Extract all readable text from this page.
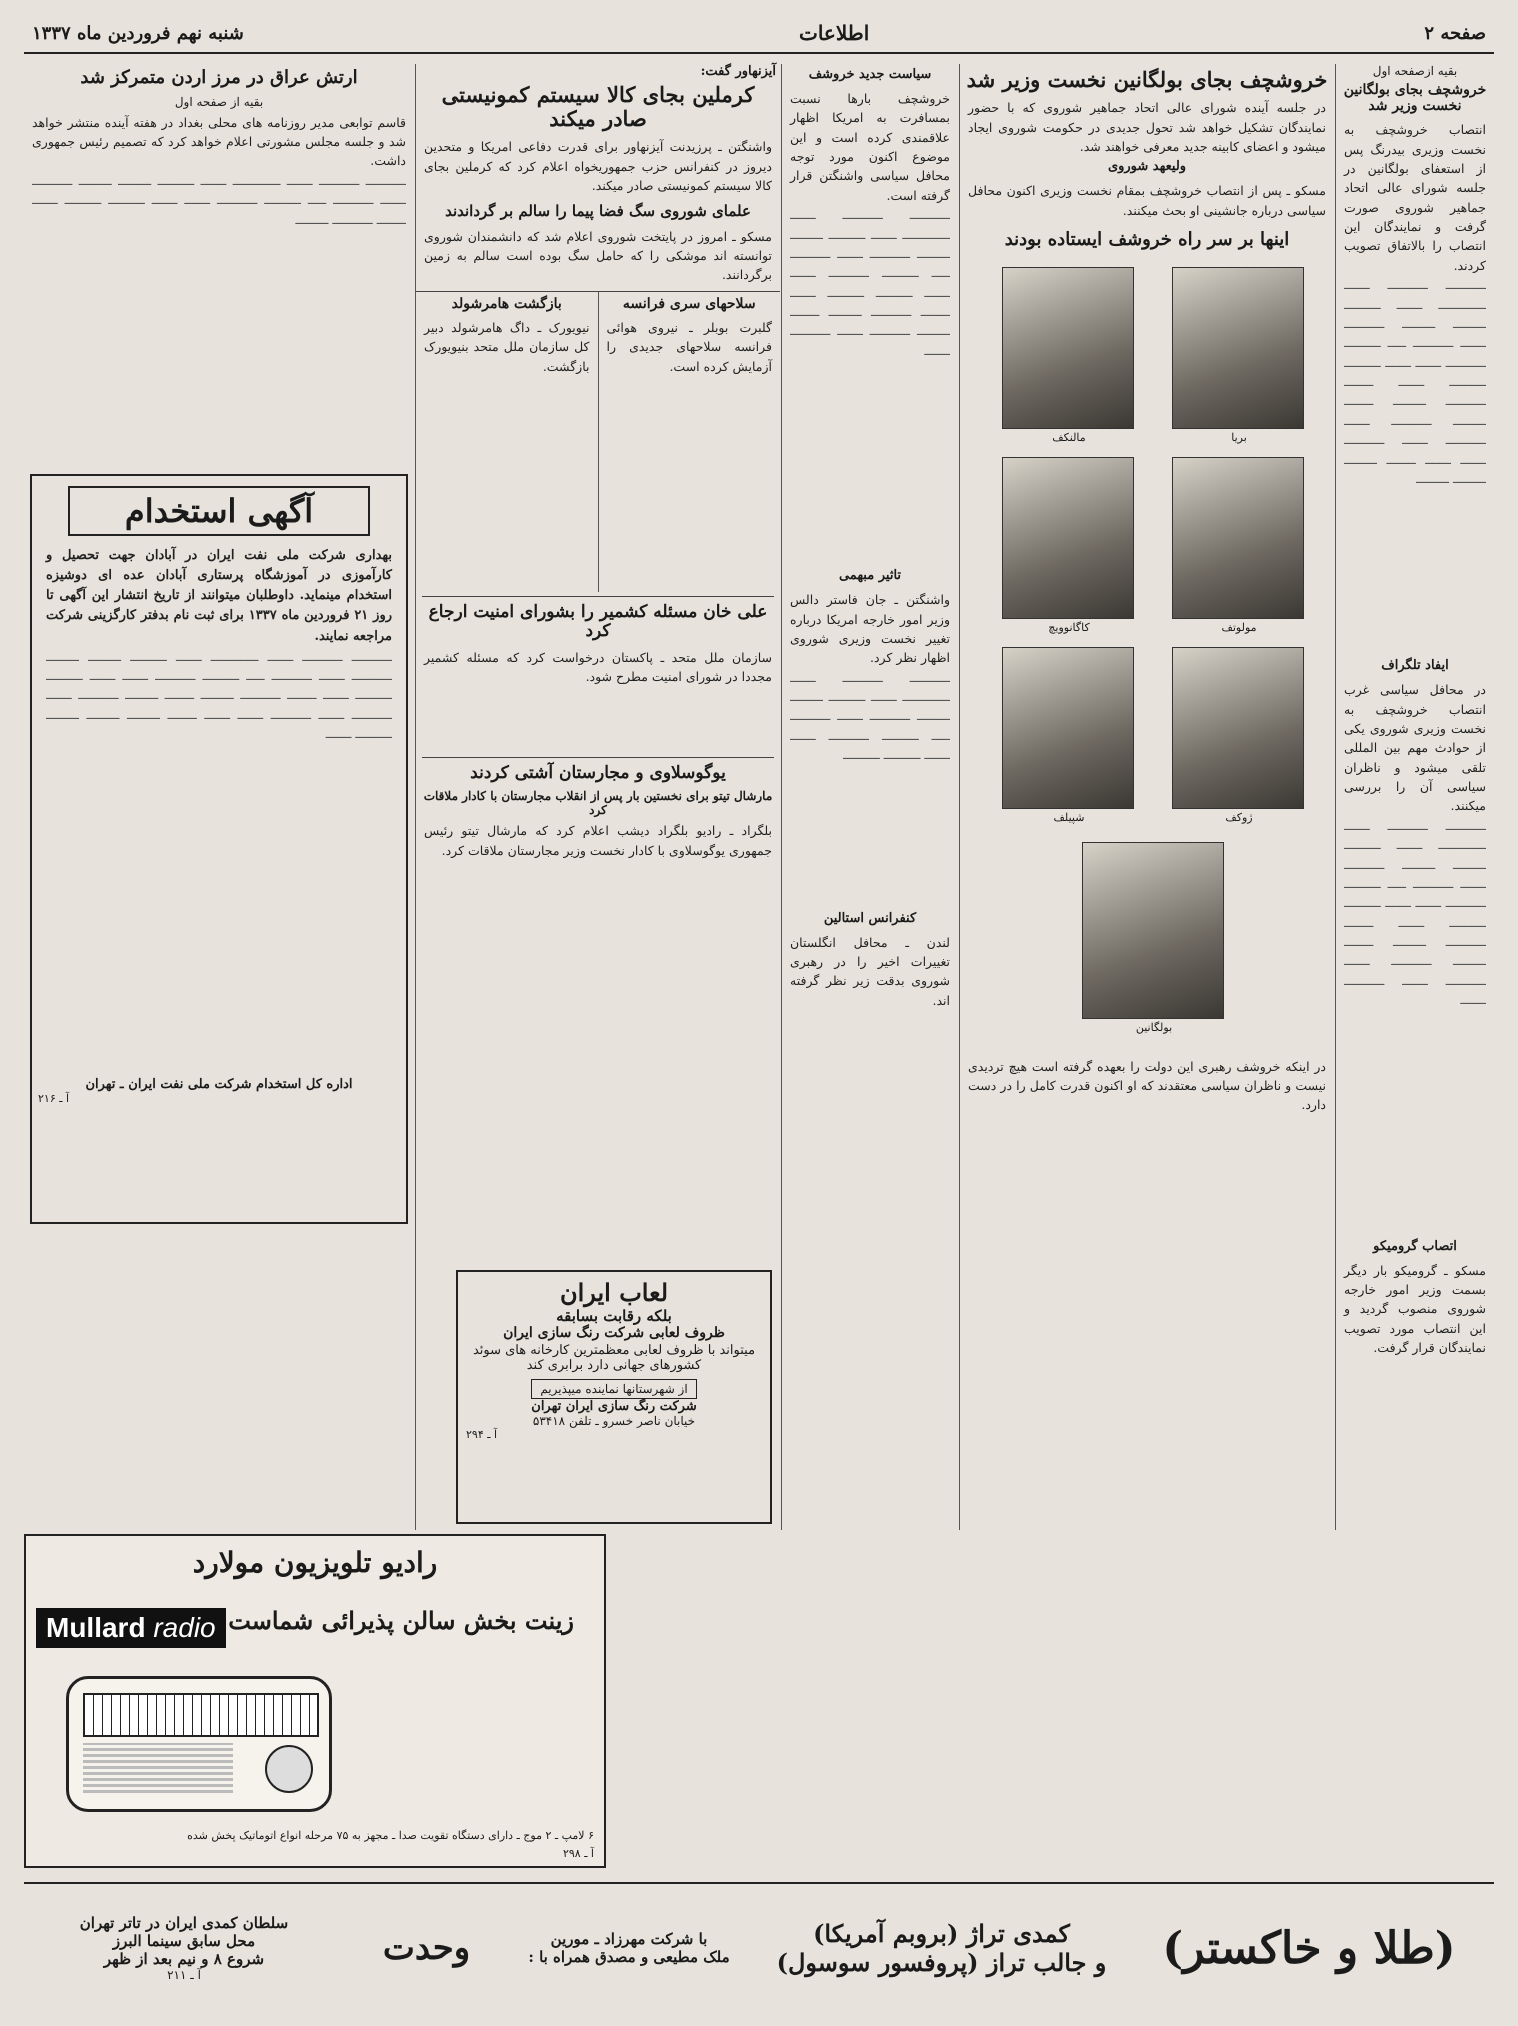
صفحه ۲
اطلاعات
شنبه نهم فروردین ماه ۱۳۳۷
بقیه ازصفحه اول
خروشچف بجای بولگانین نخست وزیر شد

انتصاب خروشچف به نخست وزیری بیدرنگ پس از استعفای بولگانین در جلسه شورای عالی اتحاد جماهیر شوروی صورت گرفت و نمایندگان این انتصاب را بالاتفاق تصویب کردند.

ـــــــــــ ـــــــــــ ـــــــ ـــــــــــــ ـــــــ ــــــــــ ـــــــــ ـــــــــ ـــــــــــ ـــــــ ـــــــــــ ـــــ ــــــــــ ـــــــــــ ـــــــ ـــــــ ــــــــــ ــــــــــ ـــــــ ــــــــ ـــــــــــ ـــــــــ ــــــــ ـــــــــ ـــــــــــ ـــــــ ـــــــــــ ـــــــ ـــــــــــ ـــــــ ـــــــ ــــــــ ـــــــــ ـــــــــ ـــــــــ

ایفاد تلگراف

در محافل سیاسی غرب انتصاب خروشچف به نخست وزیری شوروی یکی از حوادث مهم بین المللی تلقی میشود و ناظران سیاسی آن را بررسی میکنند.

ـــــــــــ ـــــــــــ ـــــــ ـــــــــــــ ـــــــ ــــــــــ ـــــــــ ـــــــــ ـــــــــــ ـــــــ ـــــــــــ ـــــ ــــــــــ ـــــــــــ ـــــــ ـــــــ ــــــــــ ــــــــــ ـــــــ ــــــــ ـــــــــــ ـــــــــ ــــــــ ـــــــــ ـــــــــــ ـــــــ ـــــــــــ ـــــــ ـــــــــــ ـــــــ

اتصاب گرومیکو

مسکو ـ گرومیکو بار دیگر بسمت وزیر امور خارجه شوروی منصوب گردید و این انتصاب مورد تصویب نمایندگان قرار گرفت.

خروشچف بجای بولگانین نخست وزیر شد

در جلسه آینده شورای عالی اتحاد جماهیر شوروی که با حضور نمایندگان تشکیل خواهد شد تحول جدیدی در حکومت شوروی ایجاد میشود و اعضای کابینه جدید معرفی خواهند شد.

ولیعهد شوروی

مسکو ـ پس از انتصاب خروشچف بمقام نخست وزیری اکنون محافل سیاسی درباره جانشینی او بحث میکنند.

اینها بر سر راه خروشف ایستاده بودند
بریا
مالنکف
مولوتف
کاگانوویچ
ژوکف
شپیلف
بولگانین

در اینکه خروشف رهبری این دولت را بعهده گرفته است هیچ تردیدی نیست و ناظران سیاسی معتقدند که او اکنون قدرت کامل را در دست دارد.

سیاست جدید خروشف

خروشچف بارها نسبت بمسافرت به امریکا اظهار علاقمندی کرده است و این موضوع اکنون مورد توجه محافل سیاسی واشنگتن قرار گرفته است.

ـــــــــــ ـــــــــــ ـــــــ ـــــــــــــ ـــــــ ــــــــــ ـــــــــ ـــــــــ ـــــــــــ ـــــــ ـــــــــــ ـــــ ــــــــــ ـــــــــــ ـــــــ ـــــــ ــــــــــ ــــــــــ ـــــــ ــــــــ ـــــــــــ ـــــــــ ــــــــ ـــــــــ ـــــــــــ ـــــــ ـــــــــــ ـــــــ

تاثیر مبهمی

واشنگتن ـ جان فاستر دالس وزیر امور خارجه امریکا درباره تغییر نخست وزیری شوروی اظهار نظر کرد.

ـــــــــــ ـــــــــــ ـــــــ ـــــــــــــ ـــــــ ــــــــــ ـــــــــ ـــــــــ ـــــــــــ ـــــــ ـــــــــــ ـــــ ــــــــــ ـــــــــــ ـــــــ ـــــــ ــــــــــ ــــــــــ

کنفرانس استالین

لندن ـ محافل انگلستان تغییرات اخیر را در رهبری شوروی بدقت زیر نظر گرفته اند.

آیزنهاور گفت:
کرملین بجای کالا سیستم کمونیستی صادر میکند

واشنگتن ـ پرزیدنت آیزنهاور برای قدرت دفاعی امریکا و متحدین دیروز در کنفرانس حزب جمهوریخواه اعلام کرد که کرملین بجای کالا سیستم کمونیستی صادر میکند.

علمای شوروی سگ فضا پیما را سالم بر گرداندند

مسکو ـ امروز در پایتخت شوروی اعلام شد که دانشمندان شوروی توانسته اند موشکی را که حامل سگ بوده است سالم به زمین برگردانند.

سلاحهای سری فرانسه

گلبرت بوبلر ـ نیروی هوائی فرانسه سلاحهای جدیدی را آزمایش کرده است.

بازگشت هامرشولد

نیویورک ـ داگ هامرشولد دبیر کل سازمان ملل متحد بنیویورک بازگشت.

علی خان مسئله کشمیر را بشورای امنیت ارجاع کرد

سازمان ملل متحد ـ پاکستان درخواست کرد که مسئله کشمیر مجددا در شورای امنیت مطرح شود.

یوگوسلاوی و مجارستان آشتی کردند
مارشال تیتو برای نخستین بار پس از انقلاب مجارستان با کادار ملاقات کرد

بلگراد ـ رادیو بلگراد دیشب اعلام کرد که مارشال تیتو رئیس جمهوری یوگوسلاوی با کادار نخست وزیر مجارستان ملاقات کرد.

لعاب ایران
بلکه رقابت بسابقه
ظروف لعابی شرکت رنگ سازی ایران
میتواند با ظروف لعابی معظمترین کارخانه های سوئد کشورهای جهانی دارد برابری کند
از شهرستانها نماینده میپذیریم
شرکت رنگ سازی ایران تهران
خیابان ناصر خسرو ـ تلفن ۵۳۴۱۸
آ ـ ۲۹۴
ارتش عراق در مرز اردن متمرکز شد
بقیه از صفحه اول

قاسم توابعی مدیر روزنامه های محلی بغداد در هفته آینده منتشر خواهد شد و جلسه مجلس مشورتی اعلام خواهد کرد که تصمیم رئیس جمهوری داشت.

ـــــــــــ ـــــــــــ ـــــــ ـــــــــــــ ـــــــ ــــــــــ ـــــــــ ـــــــــ ـــــــــــ ـــــــ ـــــــــــ ـــــ ــــــــــ ـــــــــــ ـــــــ ـــــــ ــــــــــ ــــــــــ ـــــــ ــــــــ ـــــــــــ ـــــــــ

آگهی استخدام

بهداری شرکت ملی نفت ایران در آبادان جهت تحصیل و کارآموزی در آموزشگاه پرستاری آبادان عده ای دوشیزه استخدام مینماید. داوطلبان میتوانند از تاریخ انتشار این آگهی تا روز ۲۱ فروردین ماه ۱۳۳۷ برای ثبت نام بدفتر کارگزینی شرکت مراجعه نمایند.

ـــــــــــ ـــــــــــ ـــــــ ـــــــــــــ ـــــــ ــــــــــ ـــــــــ ـــــــــ ـــــــــــ ـــــــ ـــــــــــ ـــــ ــــــــــ ـــــــــــ ـــــــ ـــــــ ــــــــــ ــــــــــ ـــــــ ــــــــ ـــــــــــ ـــــــــ ــــــــ ـــــــــ ـــــــــــ ـــــــ ـــــــــــ ـــــــ ـــــــــــ ـــــــ ـــــــ ــــــــ ـــــــــ ـــــــــ ـــــــــ ــــــــــ ـــــــ

اداره کل استخدام شرکت ملی نفت ایران ـ تهران
آ ـ ۲۱۶
رادیو تلویزیون مولارد
زینت بخش سالن پذیرائی شماست
Mullard radio
۶ لامپ ـ ۲ موج ـ دارای دستگاه تقویت صدا ـ مجهز به ۷۵ مرحله انواع اتوماتیک پخش شده
آ ـ ۲۹۸
(طلا و خاکستر)
کمدی تراژ (بروبم آمریکا)
و جالب تراز (پروفسور سوسول)
با شرکت مهرزاد ـ مورین
ملک مطیعی و مصدق همراه با :
وحدت
سلطان کمدی ایران در تاتر تهران
محل سابق سینما البرز
شروع ۸ و نیم بعد از ظهر
آ ـ ۲۱۱
